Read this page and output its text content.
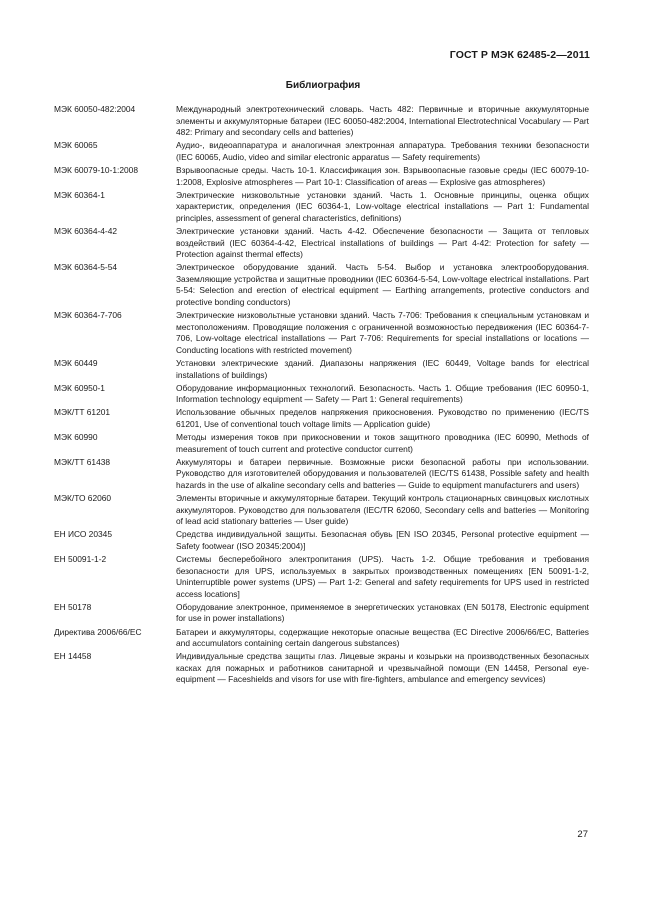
ГОСТ Р МЭК 62485-2—2011
Библиография
МЭК 60050-482:2004	Международный электротехнический словарь. Часть 482: Первичные и вторичные аккумуляторные элементы и аккумуляторные батареи (IEC 60050-482:2004, International Electrotechnical Vocabulary — Part 482: Primary and secondary cells and batteries)
МЭК 60065	Аудио-, видеоаппаратура и аналогичная электронная аппаратура. Требования техники безопасности (IEC 60065, Audio, video and similar electronic apparatus — Safety requirements)
МЭК 60079-10-1:2008	Взрывоопасные среды. Часть 10-1. Классификация зон. Взрывоопасные газовые среды (IEC 60079-10-1:2008, Explosive atmospheres — Part 10-1: Classification of areas — Explosive gas atmospheres)
МЭК 60364-1	Электрические низковольтные установки зданий. Часть 1. Основные принципы, оценка общих характеристик, определения (IEC 60364-1, Low-voltage electrical installations — Part 1: Fundamental principles, assessment of general characteristics, definitions)
МЭК 60364-4-42	Электрические установки зданий. Часть 4-42. Обеспечение безопасности — Защита от тепловых воздействий (IEC 60364-4-42, Electrical installations of buildings — Part 4-42: Protection for safety — Protection against thermal effects)
МЭК 60364-5-54	Электрическое оборудование зданий. Часть 5-54. Выбор и установка электрооборудования. Заземляющие устройства и защитные проводники (IEC 60364-5-54, Low-voltage electrical installations. Part 5-54: Selection and erection of electrical equipment — Earthing arrangements, protective conductors and protective bonding conductors)
МЭК 60364-7-706	Электрические низковольтные установки зданий. Часть 7-706: Требования к специальным установкам и местоположениям. Проводящие положения с ограниченной возможностью передвижения (IEC 60364-7-706, Low-voltage electrical installations — Part 7-706: Requirements for special installations or locations — Conducting locations with restricted movement)
МЭК 60449	Установки электрические зданий. Диапазоны напряжения (IEC 60449, Voltage bands for electrical installations of buildings)
МЭК 60950-1	Оборудование информационных технологий. Безопасность. Часть 1. Общие требования (IEC 60950-1, Information technology equipment — Safety — Part 1: General requirements)
МЭК/ТТ 61201	Использование обычных пределов напряжения прикосновения. Руководство по применению (IEC/TS 61201, Use of conventional touch voltage limits — Application guide)
МЭК 60990	Методы измерения токов при прикосновении и токов защитного проводника (IEC 60990, Methods of measurement of touch current and protective conductor current)
МЭК/ТТ 61438	Аккумуляторы и батареи первичные. Возможные риски безопасной работы при использовании. Руководство для изготовителей оборудования и пользователей (IEC/TS 61438, Possible safety and health hazards in the use of alkaline secondary cells and batteries — Guide to equipment manufacturers and users)
МЭК/ТО 62060	Элементы вторичные и аккумуляторные батареи. Текущий контроль стационарных свинцовых кислотных аккумуляторов. Руководство для пользователя (IEC/TR 62060, Secondary cells and batteries — Monitoring of lead acid stationary batteries — User guide)
ЕН ИСО 20345	Средства индивидуальной защиты. Безопасная обувь [EN ISO 20345, Personal protective equipment — Safety footwear (ISO 20345:2004)]
ЕН 50091-1-2	Системы бесперебойного электропитания (UPS). Часть 1-2. Общие требования и требования безопасности для UPS, используемых в закрытых производственных помещениях [EN 50091-1-2, Uninterruptible power systems (UPS) — Part 1-2: General and safety requirements for UPS used in restricted access locations]
ЕН 50178	Оборудование электронное, применяемое в энергетических установках (EN 50178, Electronic equipment for use in power installations)
Директива 2006/66/ЕС	Батареи и аккумуляторы, содержащие некоторые опасные вещества (EC Directive 2006/66/EC, Batteries and accumulators containing certain dangerous substances)
ЕН 14458	Индивидуальные средства защиты глаз. Лицевые экраны и козырьки на производственных безопасных касках для пожарных и работников санитарной и чрезвычайной помощи (EN 14458, Personal eye-equipment — Faceshields and visors for use with fire-fighters, ambulance and emergency sevvices)
27
